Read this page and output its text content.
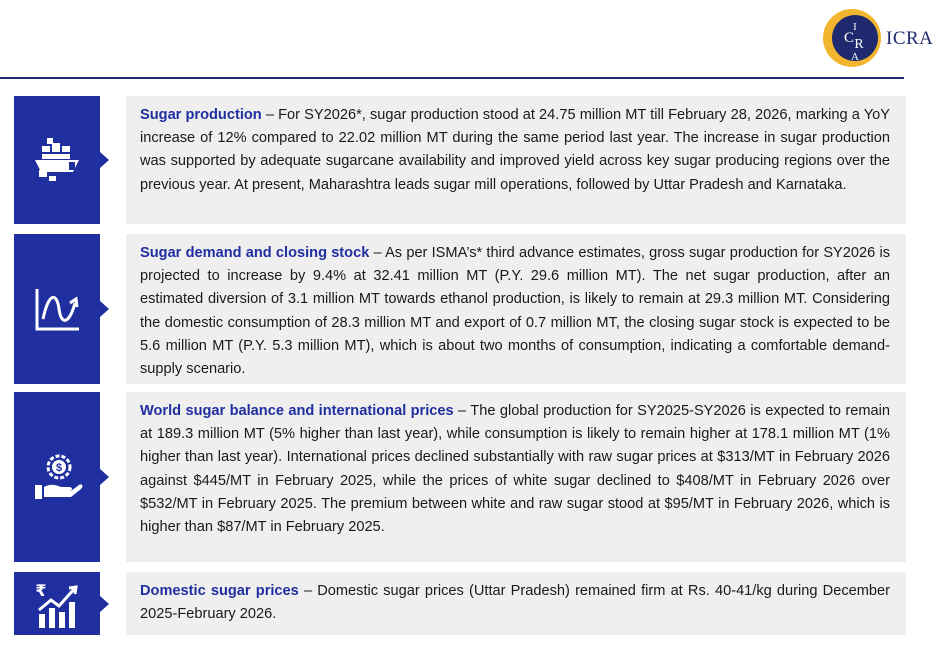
I
C R
A
ICRA

Sugar production – For SY2026*, sugar production stood at 24.75 million MT till February 28, 2026, marking a YoY increase of 12% compared to 22.02 million MT during the same period last year. The increase in sugar production was supported by adequate sugarcane availability and improved yield across key sugar producing regions over the previous year. At present, Maharashtra leads sugar mill operations, followed by Uttar Pradesh and Karnataka.

Sugar demand and closing stock – As per ISMA’s* third advance estimates, gross sugar production for SY2026 is projected to increase by 9.4% at 32.41 million MT (P.Y. 29.6 million MT). The net sugar production, after an estimated diversion of 3.1 million MT towards ethanol production, is likely to remain at 29.3 million MT. Considering the domestic consumption of 28.3 million MT and export of 0.7 million MT, the closing sugar stock is expected to be 5.6 million MT (P.Y. 5.3 million MT), which is about two months of consumption, indicating a comfortable demand-supply scenario.

$

World sugar balance and international prices – The global production for SY2025-SY2026 is expected to remain at 189.3 million MT (5% higher than last year), while consumption is likely to remain higher at 178.1 million MT (1% higher than last year). International prices declined substantially with raw sugar prices at $313/MT in February 2026 against $445/MT in February 2025, while the prices of white sugar declined to $408/MT in February 2026 over $532/MT in February 2025. The premium between white and raw sugar stood at $95/MT in February 2026, which is higher than $87/MT in February 2025.

₹	Domestic sugar prices – Domestic sugar prices (Uttar Pradesh) remained firm at Rs. 40-41/kg during December 2025-February 2026.
